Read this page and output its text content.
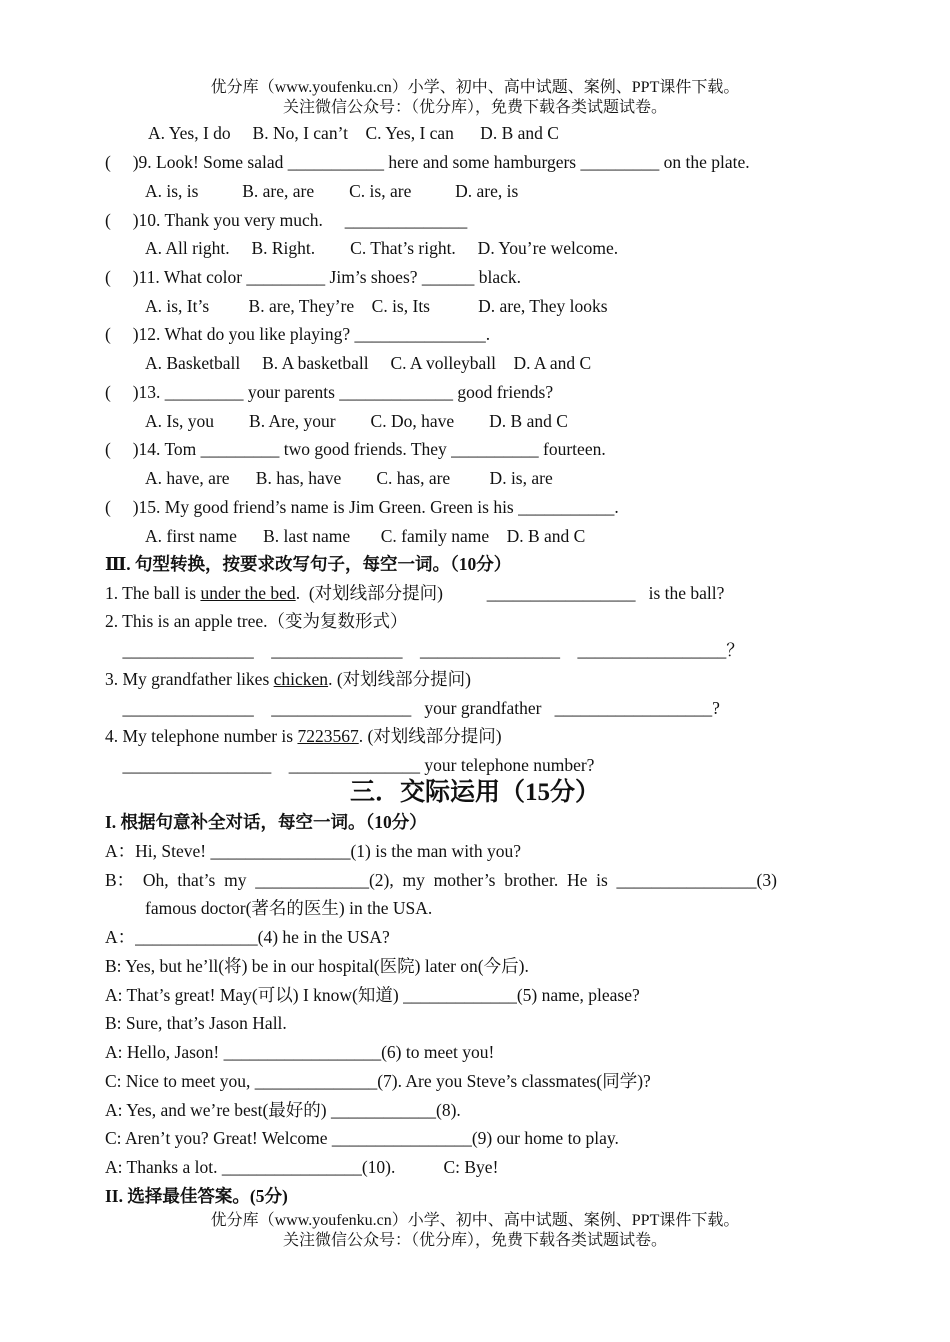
优分库（www.youfenku.cn）小学、初中、高中试题、案例、PPT课件下载。
关注微信公众号：（优分库），免费下载各类试题试卷。
A. Yes, I do     B. No, I can’t    C. Yes, I can      D. B and C
(     )9. Look! Some salad ___________ here and some hamburgers _________ on the plate.
A. is, is          B. are, are        C. is, are          D. are, is
(     )10. Thank you very much.     ______________
A. All right.     B. Right.        C. That’s right.     D. You’re welcome.
(     )11. What color _________ Jim’s shoes? ______ black.
A. is, It’s         B. are, They’re    C. is, Its           D. are, They looks
(     )12. What do you like playing? _______________.
A. Basketball     B. A basketball     C. A volleyball    D. A and C
(     )13. _________ your parents _____________ good friends?
A. Is, you        B. Are, your        C. Do, have        D. B and C
(     )14. Tom _________ two good friends. They __________ fourteen.
A. have, are      B. has, have        C. has, are         D. is, are
(     )15. My good friend’s name is Jim Green. Green is his ___________.
A. first name      B. last name       C. family name    D. B and C
Ⅲ. 句型转换，按要求改写句子，每空一词。（10分）
1. The ball is under the bed.  (对划线部分提问)          _________________   is the ball?
2. This is an apple tree.（变为复数形式）
_______________    _______________    ________________    _________________？
3. My grandfather likes chicken. (对划线部分提问)
_______________    ________________   your grandfather   __________________?
4. My telephone number is 7223567. (对划线部分提问)
_________________    _______________ your telephone number?
三．交际运用（15分）
I. 根据句意补全对话，每空一词。（10分）
A：Hi, Steve! ________________(1) is the man with you?
B：  Oh,  that’s  my  _____________(2),  my  mother’s  brother.  He  is  ________________(3)
famous doctor(著名的医生) in the USA.
A：______________(4) he in the USA?
B: Yes, but he’ll(将) be in our hospital(医院) later on(今后).
A: That’s great! May(可以) I know(知道) _____________(5) name, please?
B: Sure, that’s Jason Hall.
A: Hello, Jason! __________________(6) to meet you!
C: Nice to meet you, ______________(7). Are you Steve’s classmates(同学)?
A: Yes, and we’re best(最好的) ____________(8).
C: Aren’t you? Great! Welcome ________________(9) our home to play.
A: Thanks a lot. ________________(10).           C: Bye!
II. 选择最佳答案。(5分)
优分库（www.youfenku.cn）小学、初中、高中试题、案例、PPT课件下载。
关注微信公众号：（优分库），免费下载各类试题试卷。
